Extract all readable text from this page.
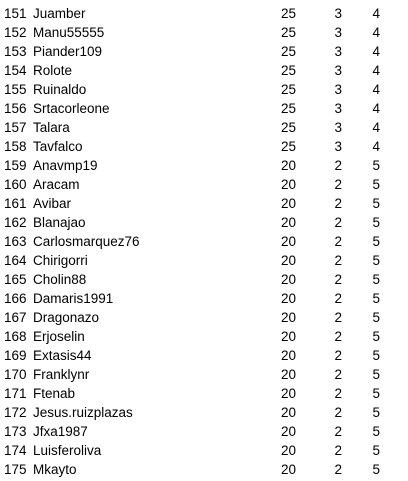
151 Juamber	25	3	4
152 Manu55555	25	3	4
153 Piander109	25	3	4
154 Rolote	25	3	4
155 Ruinaldo	25	3	4
156 Srtacorleone	25	3	4
157 Talara	25	3	4
158 Tavfalco	25	3	4
159 Anavmp19	20	2	5
160 Aracam	20	2	5
161 Avibar	20	2	5
162 Blanajao	20	2	5
163 Carlosmarquez76	20	2	5
164 Chirigorri	20	2	5
165 Cholin88	20	2	5
166 Damaris1991	20	2	5
167 Dragonazo	20	2	5
168 Erjoselin	20	2	5
169 Extasis44	20	2	5
170 Franklynr	20	2	5
171 Ftenab	20	2	5
172 Jesus.ruizplazas	20	2	5
173 Jfxa1987	20	2	5
174 Luisferoliva	20	2	5
175 Mkayto	20	2	5
